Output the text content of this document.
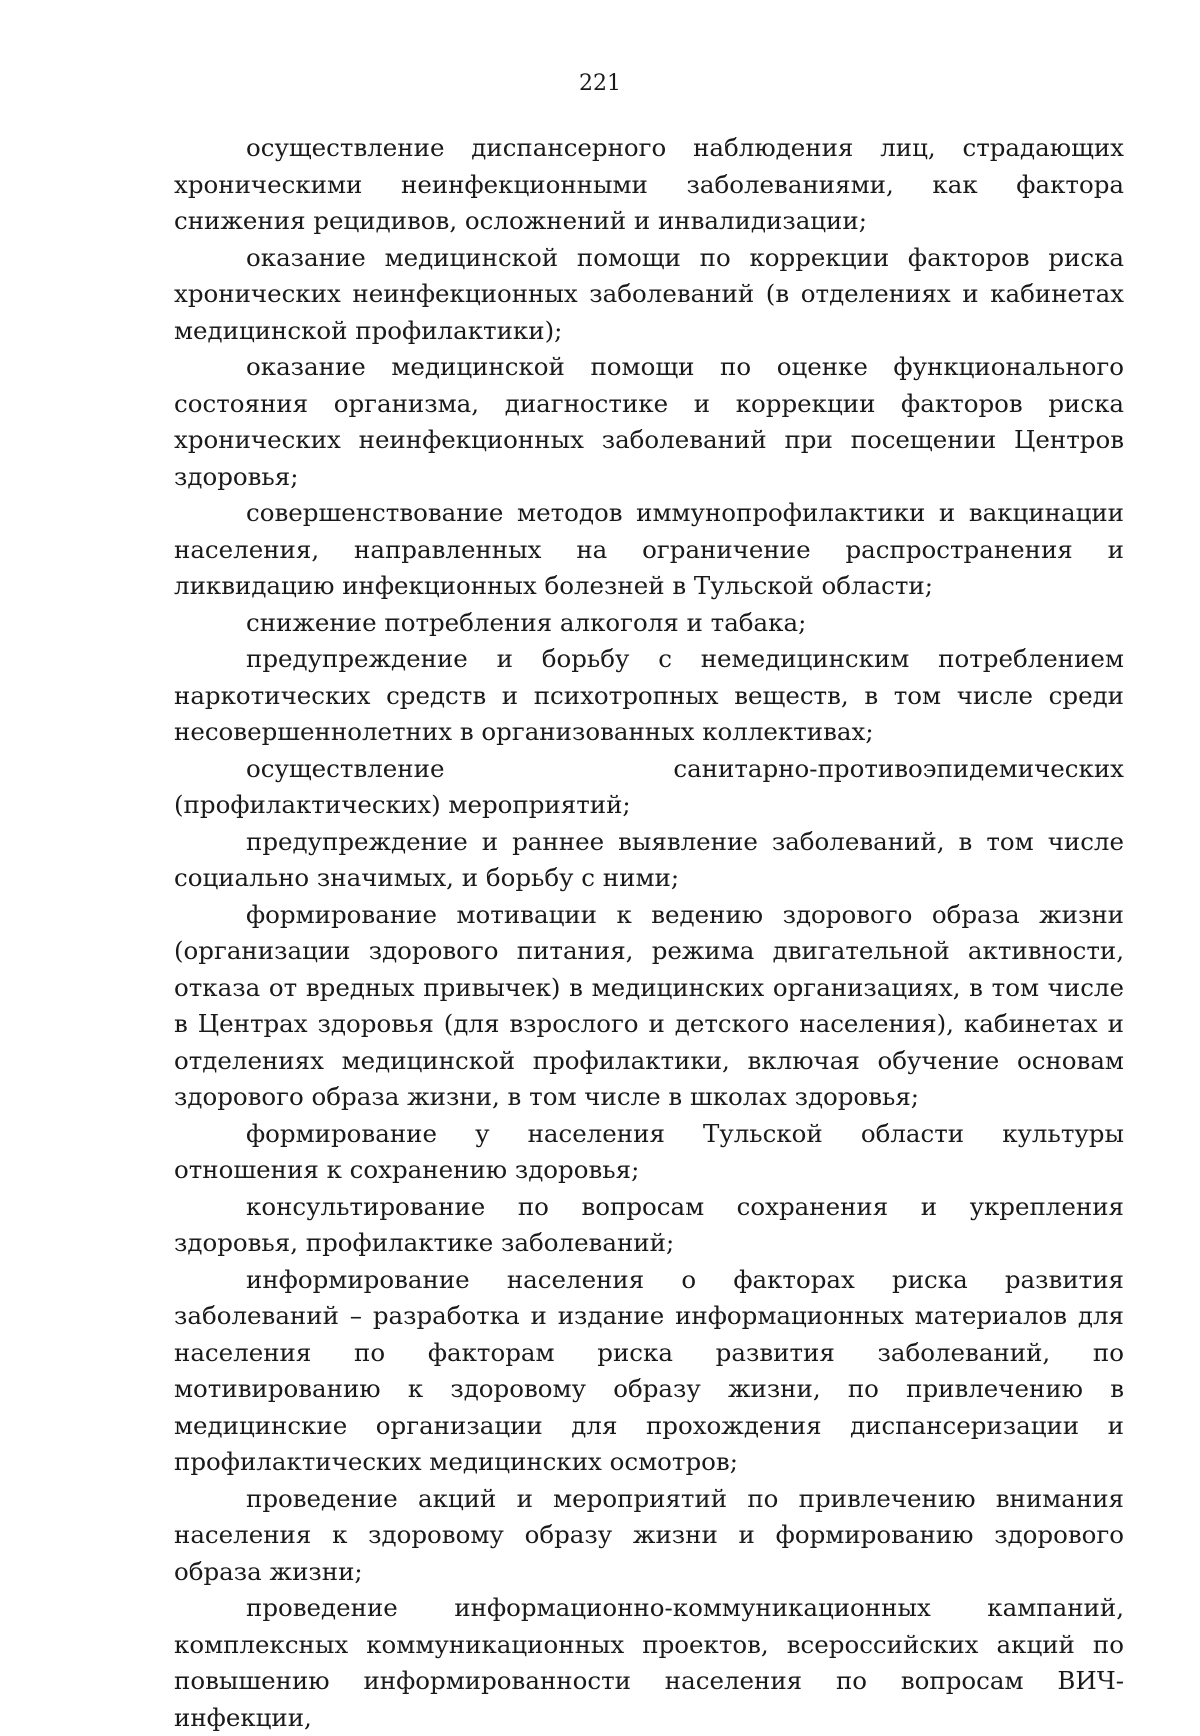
221

осуществление диспансерного наблюдения лиц, страдающих хроническими неинфекционными заболеваниями, как фактора снижения рецидивов, осложнений и инвалидизации;

оказание медицинской помощи по коррекции факторов риска хронических неинфекционных заболеваний (в отделениях и кабинетах медицинской профилактики);

оказание медицинской помощи по оценке функционального состояния организма, диагностике и коррекции факторов риска хронических неинфекционных заболеваний при посещении Центров здоровья;

совершенствование методов иммунопрофилактики и вакцинации населения, направленных на ограничение распространения и ликвидацию инфекционных болезней в Тульской области;

снижение потребления алкоголя и табака;

предупреждение и борьбу с немедицинским потреблением наркотических средств и психотропных веществ, в том числе среди несовершеннолетних в организованных коллективах;

осуществление санитарно-противоэпидемических (профилактических) мероприятий;

предупреждение и раннее выявление заболеваний, в том числе социально значимых, и борьбу с ними;

формирование мотивации к ведению здорового образа жизни (организации здорового питания, режима двигательной активности, отказа от вредных привычек) в медицинских организациях, в том числе в Центрах здоровья (для взрослого и детского населения), кабинетах и отделениях медицинской профилактики, включая обучение основам здорового образа жизни, в том числе в школах здоровья;

формирование у населения Тульской области культуры отношения к сохранению здоровья;

консультирование по вопросам сохранения и укрепления здоровья, профилактике заболеваний;

информирование населения о факторах риска развития заболеваний – разработка и издание информационных материалов для населения по факторам риска развития заболеваний, по мотивированию к здоровому образу жизни, по привлечению в медицинские организации для прохождения диспансеризации и профилактических медицинских осмотров;

проведение акций и мероприятий по привлечению внимания населения к здоровому образу жизни и формированию здорового образа жизни;

проведение информационно-коммуникационных кампаний, комплексных коммуникационных проектов, всероссийских акций по повышению информированности населения по вопросам ВИЧ-инфекции,
